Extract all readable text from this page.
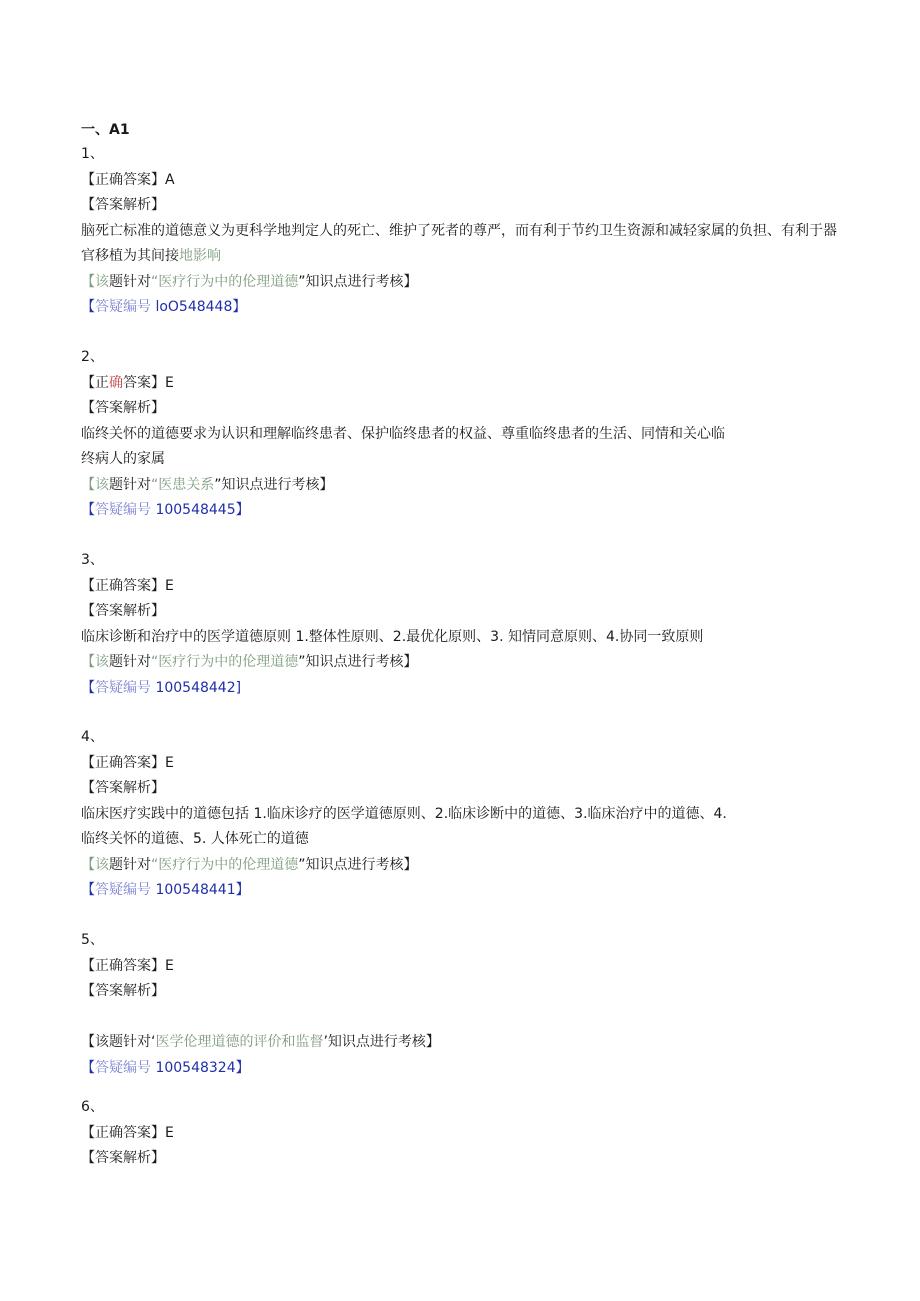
一、A1
1、
【正确答案】A
【答案解析】
脑死亡标准的道德意义为更科学地判定人的死亡、维护了死者的尊严，而有利于节约卫生资源和减轻家属的负担、有利于器官移植为其间接地影响
【该题针对“医疗行为中的伦理道德”知识点进行考核】
【答疑编号 loO548448】
2、
【正确答案】E
【答案解析】
临终关怀的道德要求为认识和理解临终患者、保护临终患者的权益、尊重临终患者的生活、同情和关心临
终病人的家属
【该题针对“医患关系”知识点进行考核】
【答疑编号 100548445】
3、
【正确答案】E
【答案解析】
临床诊断和治疗中的医学道德原则 1.整体性原则、2.最优化原则、3. 知情同意原则、4.协同一致原则
【该题针对“医疗行为中的伦理道德”知识点进行考核】
【答疑编号 100548442]
4、
【正确答案】E
【答案解析】
临床医疗实践中的道德包括 1.临床诊疗的医学道德原则、2.临床诊断中的道德、3.临床治疗中的道德、4.
临终关怀的道德、5. 人体死亡的道德
【该题针对“医疗行为中的伦理道德”知识点进行考核】
【答疑编号 100548441】
5、
【正确答案】E
【答案解析】
【该题针对‘医学伦理道德的评价和监督’知识点进行考核】
【答疑编号 100548324】
6、
【正确答案】E
【答案解析】
